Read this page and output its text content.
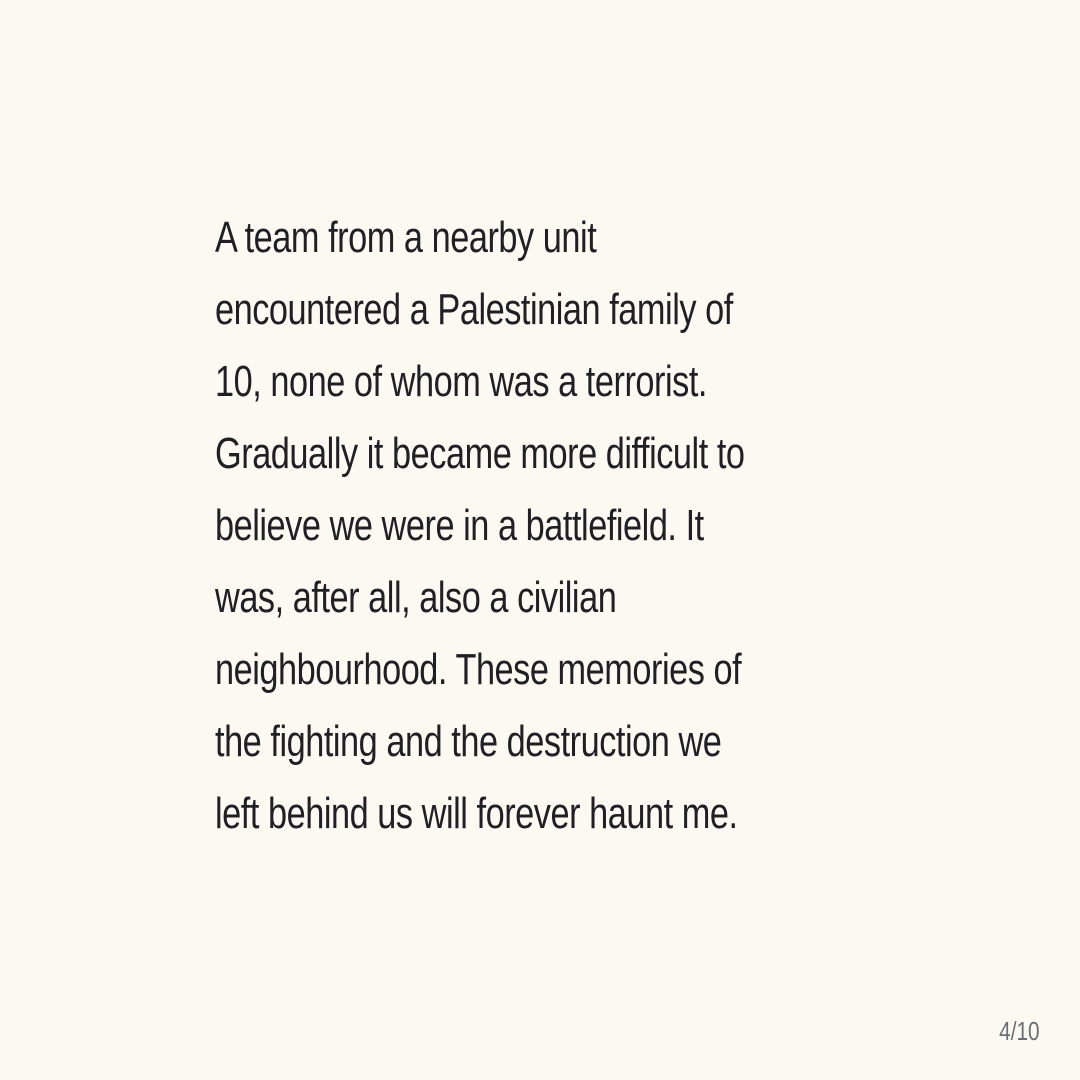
A team from a nearby unit
encountered a Palestinian family of
10, none of whom was a terrorist.
Gradually it became more difficult to
believe we were in a battlefield. It
was, after all, also a civilian
neighbourhood. These memories of
the fighting and the destruction we
left behind us will forever haunt me.

4/10
